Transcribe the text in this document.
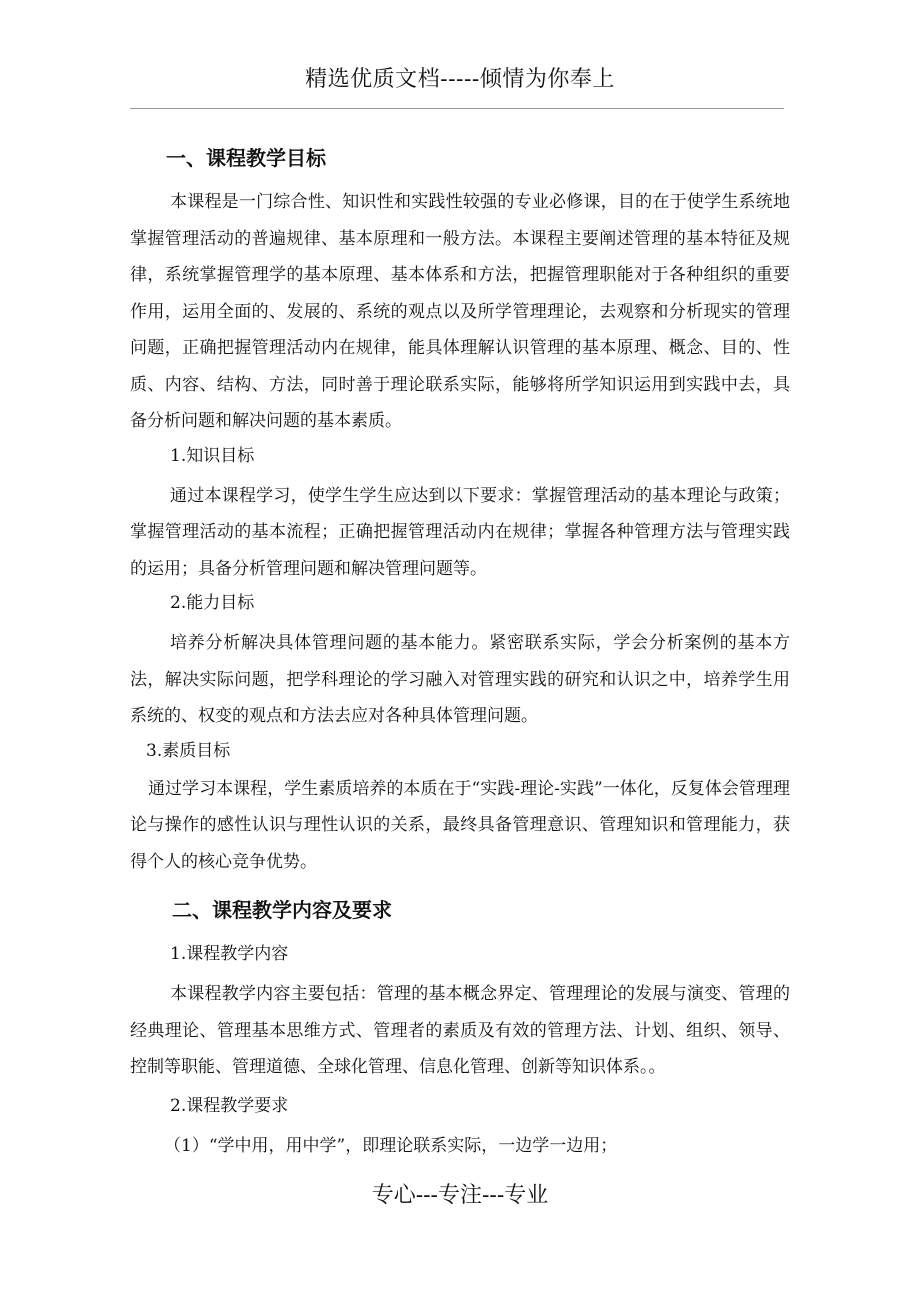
精选优质文档-----倾情为你奉上
一、课程教学目标
本课程是一门综合性、知识性和实践性较强的专业必修课，目的在于使学生系统地掌握管理活动的普遍规律、基本原理和一般方法。本课程主要阐述管理的基本特征及规律，系统掌握管理学的基本原理、基本体系和方法，把握管理职能对于各种组织的重要作用，运用全面的、发展的、系统的观点以及所学管理理论，去观察和分析现实的管理问题，正确把握管理活动内在规律，能具体理解认识管理的基本原理、概念、目的、性质、内容、结构、方法，同时善于理论联系实际，能够将所学知识运用到实践中去，具备分析问题和解决问题的基本素质。
1.知识目标
通过本课程学习，使学生学生应达到以下要求：掌握管理活动的基本理论与政策；掌握管理活动的基本流程；正确把握管理活动内在规律；掌握各种管理方法与管理实践的运用；具备分析管理问题和解决管理问题等。
2.能力目标
培养分析解决具体管理问题的基本能力。紧密联系实际，学会分析案例的基本方法，解决实际问题，把学科理论的学习融入对管理实践的研究和认识之中，培养学生用系统的、权变的观点和方法去应对各种具体管理问题。
3.素质目标
通过学习本课程，学生素质培养的本质在于“实践-理论-实践”一体化，反复体会管理理论与操作的感性认识与理性认识的关系，最终具备管理意识、管理知识和管理能力，获得个人的核心竞争优势。
二、课程教学内容及要求
1.课程教学内容
本课程教学内容主要包括：管理的基本概念界定、管理理论的发展与演变、管理的经典理论、管理基本思维方式、管理者的素质及有效的管理方法、计划、组织、领导、控制等职能、管理道德、全球化管理、信息化管理、创新等知识体系。。
2.课程教学要求
（1）“学中用，用中学”，即理论联系实际，一边学一边用；
专心---专注---专业
